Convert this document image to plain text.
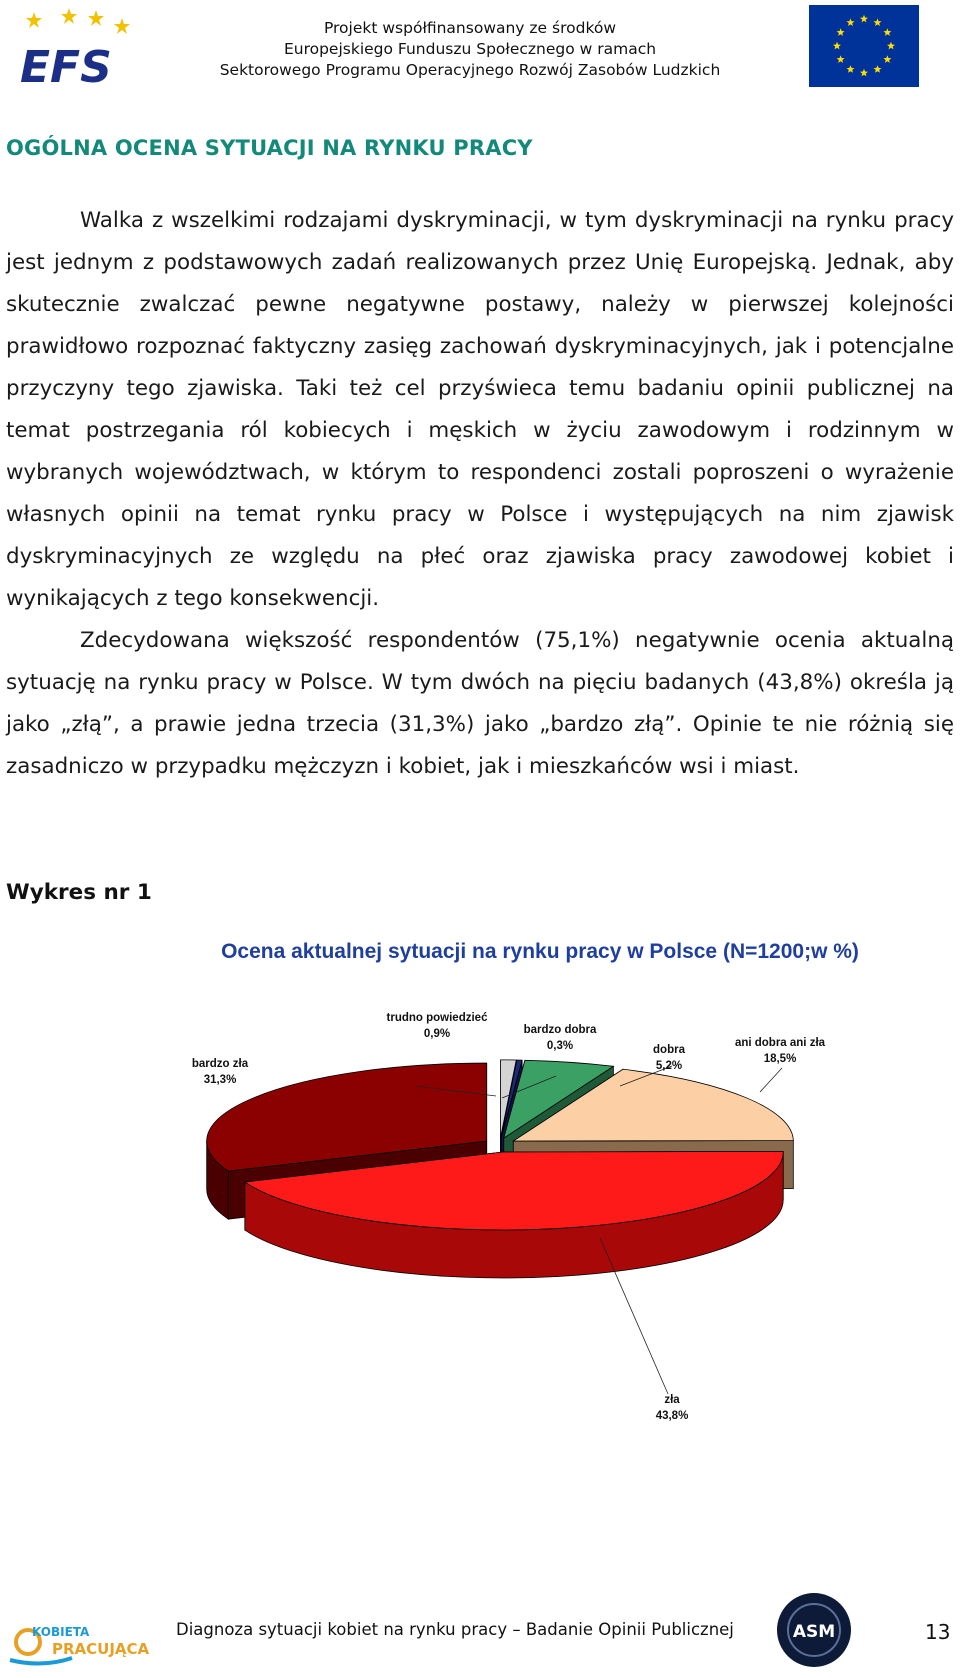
EFS
Projekt współfinansowany ze środków
Europejskiego Funduszu Społecznego w ramach
Sektorowego Programu Operacyjnego Rozwój Zasobów Ludzkich
OGÓLNA OCENA SYTUACJI NA RYNKU PRACY

Walka z wszelkimi rodzajami dyskryminacji, w tym dyskryminacji na rynku pracy jest jednym z podstawowych zadań realizowanych przez Unię Europejską. Jednak, aby skutecznie zwalczać pewne negatywne postawy, należy w pierwszej kolejności prawidłowo rozpoznać faktyczny zasięg zachowań dyskryminacyjnych, jak i potencjalne przyczyny tego zjawiska. Taki też cel przyświeca temu badaniu opinii publicznej na temat postrzegania ról kobiecych i męskich w życiu zawodowym i rodzinnym w wybranych województwach, w którym to respondenci zostali poproszeni o wyrażenie własnych opinii na temat rynku pracy w Polsce i występujących na nim zjawisk dyskryminacyjnych ze względu na płeć oraz zjawiska pracy zawodowej kobiet i wynikających z tego konsekwencji.

Zdecydowana większość respondentów (75,1%) negatywnie ocenia aktualną sytuację na rynku pracy w Polsce. W tym dwóch na pięciu badanych (43,8%) określa ją jako „złą”, a prawie jedna trzecia (31,3%) jako „bardzo złą”. Opinie te nie różnią się zasadniczo w przypadku mężczyzn i kobiet, jak i mieszkańców wsi i miast.

Wykres nr 1
Ocena aktualnej sytuacji na rynku pracy w Polsce (N=1200;w %)
bardzo zła
31,3%
trudno powiedzieć
0,9%	bardzo dobra
0,3%	dobra
5,2%
ani dobra ani zła
18,5%
zła
43,8%
KOBIETA
PRACUJĄCA
Diagnoza sytuacji kobiet na rynku pracy – Badanie Opinii Publicznej	ASM	13
